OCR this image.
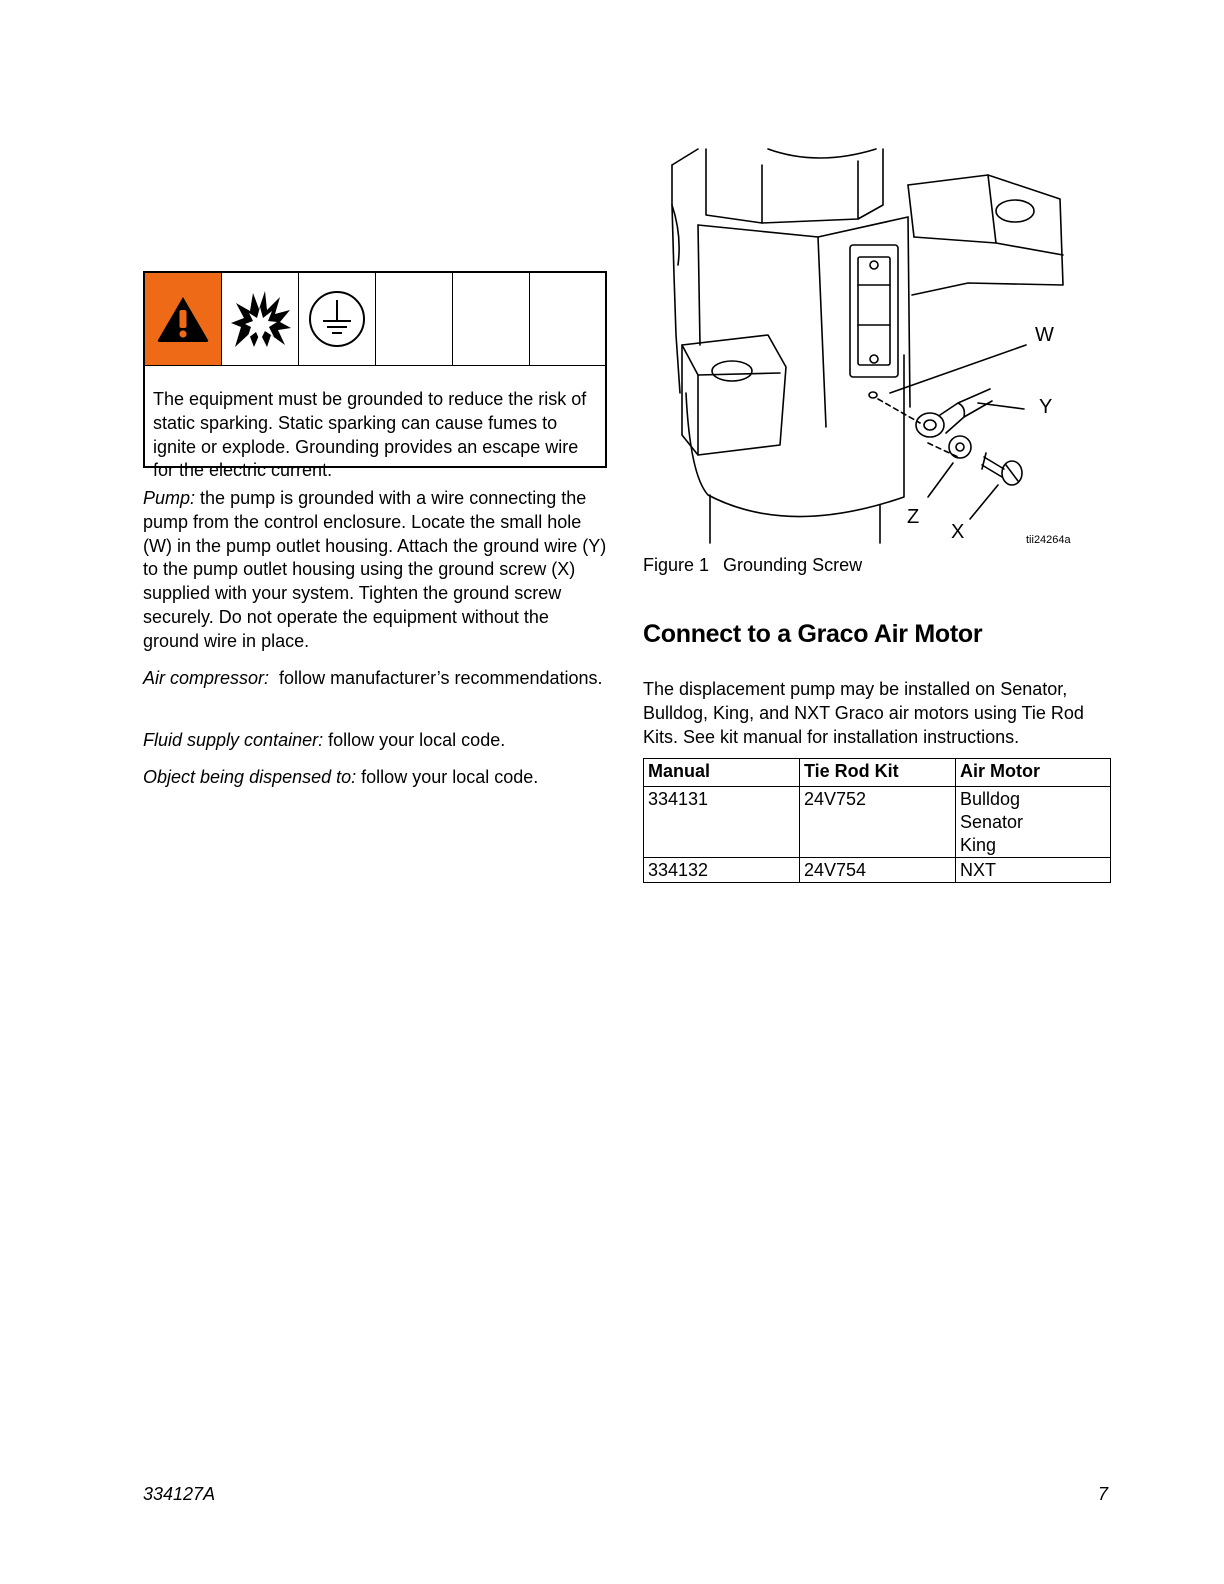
The equipment must be grounded to reduce the risk of static sparking. Static sparking can cause fumes to ignite or explode. Grounding provides an escape wire for the electric current.

Pump: the pump is grounded with a wire connecting the pump from the control enclosure. Locate the small hole (W) in the pump outlet housing. Attach the ground wire (Y) to the pump outlet housing using the ground screw (X) supplied with your system. Tighten the ground screw securely. Do not operate the equipment without the ground wire in place.

Air compressor: follow manufacturer’s recommendations.

Fluid supply container: follow your local code.

Object being dispensed to: follow your local code.

W
Y
Z
X	tii24264a
Figure 1 Grounding Screw
Connect to a Graco Air Motor

The displacement pump may be installed on Senator, Bulldog, King, and NXT Graco air motors using Tie Rod Kits. See kit manual for installation instructions.

Manual	Tie Rod Kit	Air Motor
334131	24V752	Bulldog
Senator
King

334132	24V754	NXT
334127A	7
